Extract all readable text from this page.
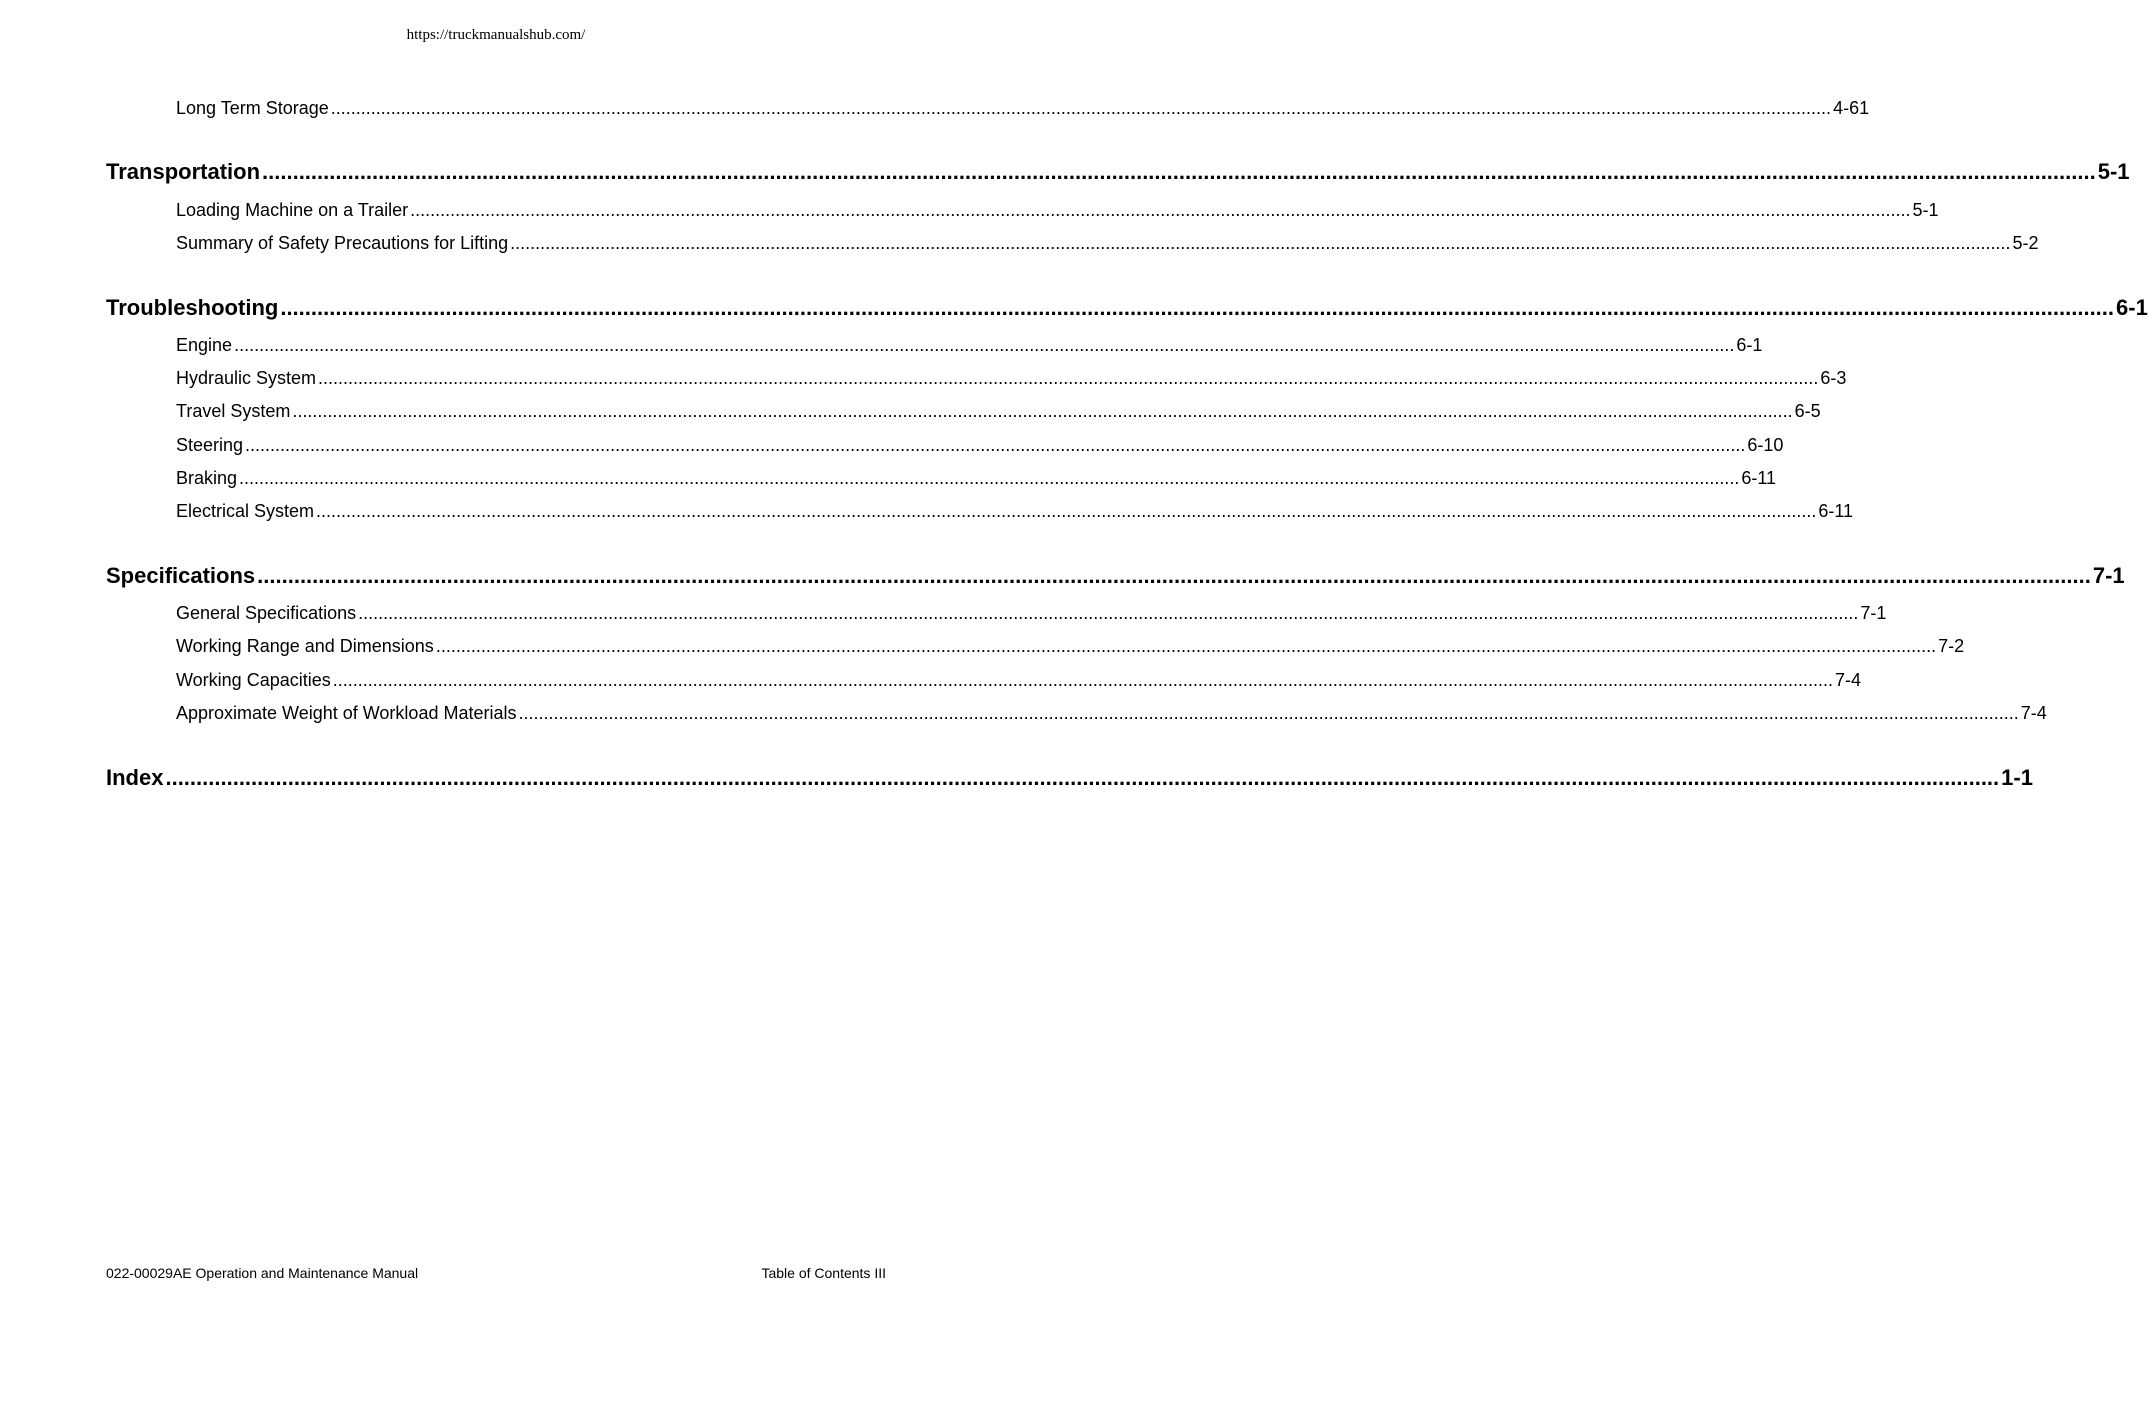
https://truckmanualshub.com/
Long Term Storage ............................................................................................................................................................................................................................................................................................................ 4-61
Transportation ............................................................................................................................................................................................................................................................................................................ 5-1
Loading Machine on a Trailer ............................................................................................................................................................................................................................................................................................................ 5-1
Summary of Safety Precautions for Lifting ............................................................................................................................................................................................................................................................................................................ 5-2
Troubleshooting ............................................................................................................................................................................................................................................................................................................ 6-1
Engine ............................................................................................................................................................................................................................................................................................................ 6-1
Hydraulic System ............................................................................................................................................................................................................................................................................................................ 6-3
Travel System ............................................................................................................................................................................................................................................................................................................ 6-5
Steering ............................................................................................................................................................................................................................................................................................................ 6-10
Braking ............................................................................................................................................................................................................................................................................................................ 6-11
Electrical System ............................................................................................................................................................................................................................................................................................................ 6-11
Specifications ............................................................................................................................................................................................................................................................................................................ 7-1
General Specifications ............................................................................................................................................................................................................................................................................................................ 7-1
Working Range and Dimensions ............................................................................................................................................................................................................................................................................................................ 7-2
Working Capacities ............................................................................................................................................................................................................................................................................................................ 7-4
Approximate Weight of Workload Materials ............................................................................................................................................................................................................................................................................................................ 7-4
Index ............................................................................................................................................................................................................................................................................................................ 1-1
022-00029AE Operation and Maintenance Manual	Table of Contents III
